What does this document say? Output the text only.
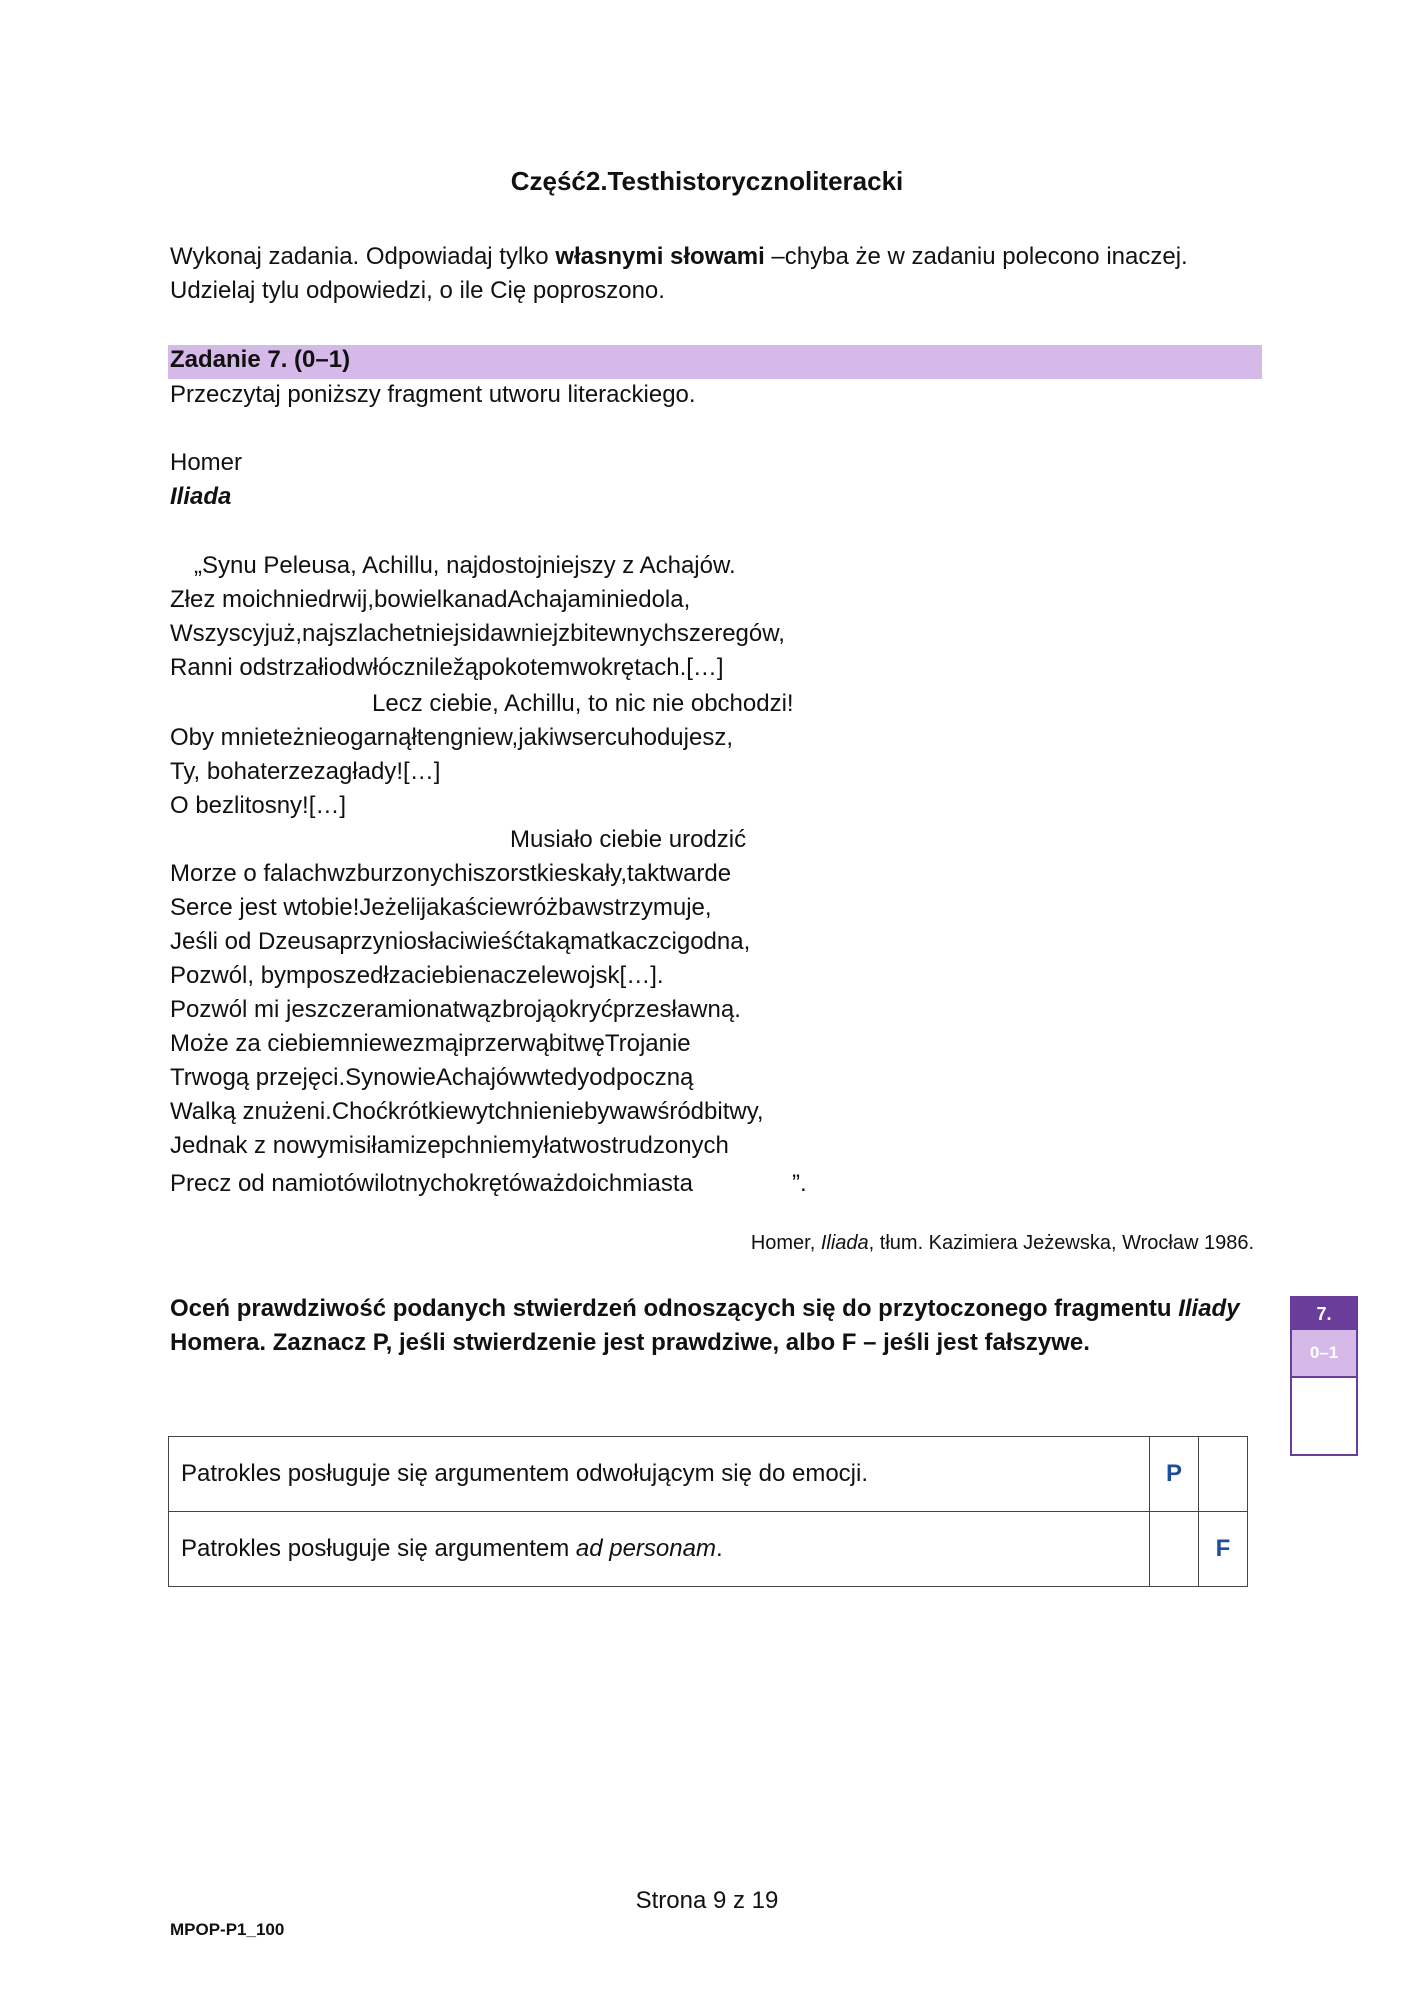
Część2.Testhistorycznoliteracki
Wykonaj zadania. Odpowiadaj tylko własnymi słowami –chyba że w zadaniu polecono inaczej. Udzielaj tylu odpowiedzi, o ile Cię poproszono.
Zadanie 7. (0–1)
Przeczytaj poniższy fragment utworu literackiego.
Homer
Iliada
„Synu Peleusa, Achillu, najdostojniejszy z Achajów.
Złez moichniedrwij,bowielkanadAchajaminiedola,
Wszyscyjuż,najszlachetniejsidawniejzbitewnychszeregów,
Ranni odstrzałiodwłóczniležąpokotemwokrętach.[…]
Lecz ciebie, Achillu, to nic nie obchodzi!
Oby mnieteżnieogarnąłtengniew,jakiwsercuhodujesz,
Ty, bohaterzezagłady![…]
O bezlitosny![…]
Musiało ciebie urodzić
Morze o falachwzburzonychiszorstkieskały,taktwarde
Serce jest wtobie!Jeżelijakaściewróżbawstrzymuje,
Jeśli od Dzeusaprzyniosłaciwieśćtakąmatkaczcigodna,
Pozwól, bymposzedłzaciebienaczelewojsk[…].
Pozwól mi jeszczeramionatwązbrojąokryćprzesławną.
Może za ciebiemniewezmąiprzerwąbitwęTrojanie
Trwogą przejęci.SynowieAchajówwtedyodpoczną
Walką znużeni.Choćkrótkiewytchnieniebywawśródbitwy,
Jednak z nowymisiłamizepchniemyłatwostrudzonych
Precz od namiotówilotnychokrętóważdoichmiasta	”.
Homer, Iliada, tłum. Kazimiera Jeżewska, Wrocław 1986.
Oceń prawdziwość podanych stwierdzeń odnoszących się do przytoczonego fragmentu Iliady Homera. Zaznacz P, jeśli stwierdzenie jest prawdziwe, albo F – jeśli jest fałszywe.
7.
0–1
Patrokles posługuje się argumentem odwołującym się do emocji.	P	
Patrokles posługuje się argumentem ad personam.		F
Strona 9 z 19
MPOP-P1_100
